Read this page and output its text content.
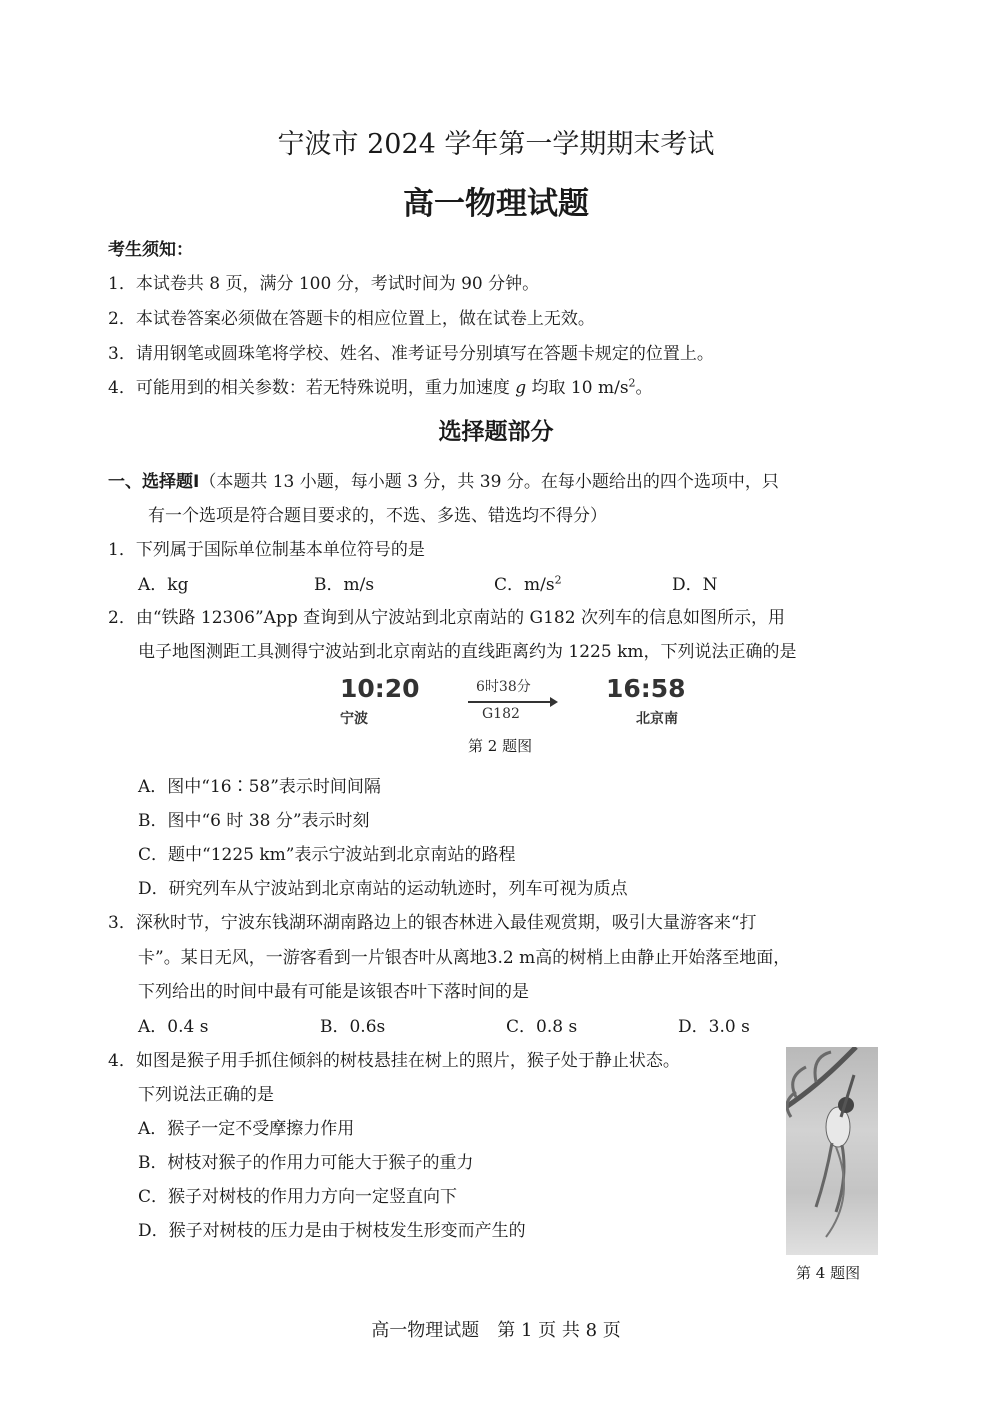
宁波市 2024 学年第一学期期末考试
高一物理试题
考生须知：
1．本试卷共 8 页，满分 100 分，考试时间为 90 分钟。
2．本试卷答案必须做在答题卡的相应位置上，做在试卷上无效。
3．请用钢笔或圆珠笔将学校、姓名、准考证号分别填写在答题卡规定的位置上。
4．可能用到的相关参数：若无特殊说明，重力加速度 g 均取 10 $m/s^2$。
选择题部分
一、选择题Ⅰ（本题共 13 小题，每小题 3 分，共 39 分。在每小题给出的四个选项中，只
有一个选项是符合题目要求的，不选、多选、错选均不得分）
1．下列属于国际单位制基本单位符号的是
A．kg	B．m/s	C．$m/s^2$	D．N
2．由“铁路 12306”App 查询到从宁波站到北京南站的 G182 次列车的信息如图所示，用
电子地图测距工具测得宁波站到北京南站的直线距离约为 1225 km，下列说法正确的是
10:20
宁波
6时38分
G182
16:58
北京南
第 2 题图
A．图中“16∶58”表示时间间隔
B．图中“6 时 38 分”表示时刻
C．题中“1225 km”表示宁波站到北京南站的路程
D．研究列车从宁波站到北京南站的运动轨迹时，列车可视为质点
3．深秋时节，宁波东钱湖环湖南路边上的银杏林进入最佳观赏期，吸引大量游客来“打
卡”。某日无风，一游客看到一片银杏叶从离地3.2 m高的树梢上由静止开始落至地面，
下列给出的时间中最有可能是该银杏叶下落时间的是
A．0.4 s	B．0.6s	C．0.8 s	D．3.0 s
4．如图是猴子用手抓住倾斜的树枝悬挂在树上的照片，猴子处于静止状态。
下列说法正确的是
A．猴子一定不受摩擦力作用
B．树枝对猴子的作用力可能大于猴子的重力
C．猴子对树枝的作用力方向一定竖直向下
D．猴子对树枝的压力是由于树枝发生形变而产生的
第 4 题图
高一物理试题　第 1 页 共 8 页
